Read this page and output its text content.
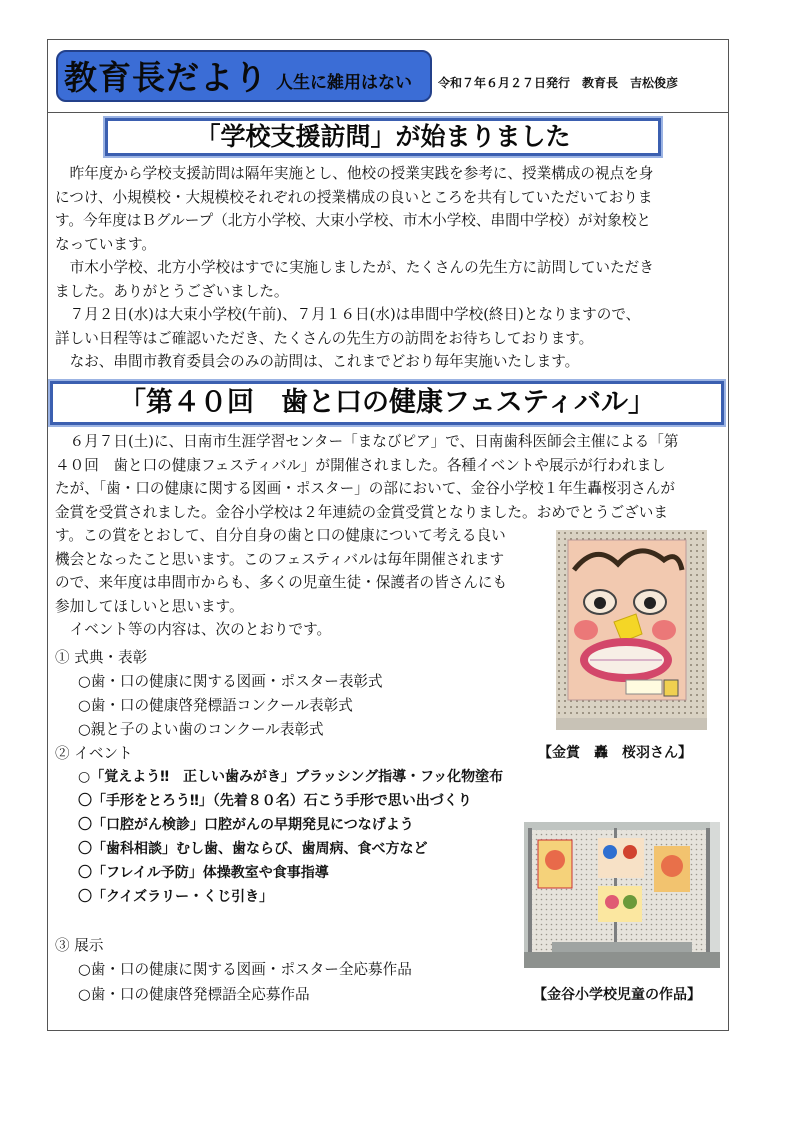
教育長だより 人生に雑用はない 令和７年６月２７日発行　教育長　吉松俊彦
「学校支援訪問」が始まりました
　昨年度から学校支援訪問は隔年実施とし、他校の授業実践を参考に、授業構成の視点を身
につけ、小規模校・大規模校それぞれの授業構成の良いところを共有していただいておりま
す。今年度はＢグループ（北方小学校、大束小学校、市木小学校、串間中学校）が対象校と
なっています。
　市木小学校、北方小学校はすでに実施しましたが、たくさんの先生方に訪問していただき
ました。ありがとうございました。
　７月２日(水)は大束小学校(午前)、７月１６日(水)は串間中学校(終日)となりますので、
詳しい日程等はご確認いただき、たくさんの先生方の訪問をお待ちしております。
　なお、串間市教育委員会のみの訪問は、これまでどおり毎年実施いたします。
「第４０回　歯と口の健康フェスティバル」
　６月７日(土)に、日南市生涯学習センター「まなびピア」で、日南歯科医師会主催による「第
４０回　歯と口の健康フェスティバル」が開催されました。各種イベントや展示が行われまし
たが、「歯・口の健康に関する図画・ポスター」の部において、金谷小学校１年生轟桜羽さんが
金賞を受賞されました。金谷小学校は２年連続の金賞受賞となりました。おめでとうございま
す。この賞をとおして、自分自身の歯と口の健康について考える良い
機会となったこと思います。このフェスティバルは毎年開催されます
ので、来年度は串間市からも、多くの児童生徒・保護者の皆さんにも
参加してほしいと思います。
　イベント等の内容は、次のとおりです。
① 式典・表彰
○歯・口の健康に関する図画・ポスター表彰式
○歯・口の健康啓発標語コンクール表彰式
○親と子のよい歯のコンクール表彰式
② イベント
○「覚えよう‼　正しい歯みがき」ブラッシング指導・フッ化物塗布
〇「手形をとろう‼」（先着８０名）石こう手形で思い出づくり
〇「口腔がん検診」口腔がんの早期発見につなげよう
〇「歯科相談」むし歯、歯ならび、歯周病、食べ方など
〇「フレイル予防」体操教室や食事指導
〇「クイズラリー・くじ引き」
③ 展示
○歯・口の健康に関する図画・ポスター全応募作品
○歯・口の健康啓発標語全応募作品
【金賞　轟　桜羽さん】
【金谷小学校児童の作品】
